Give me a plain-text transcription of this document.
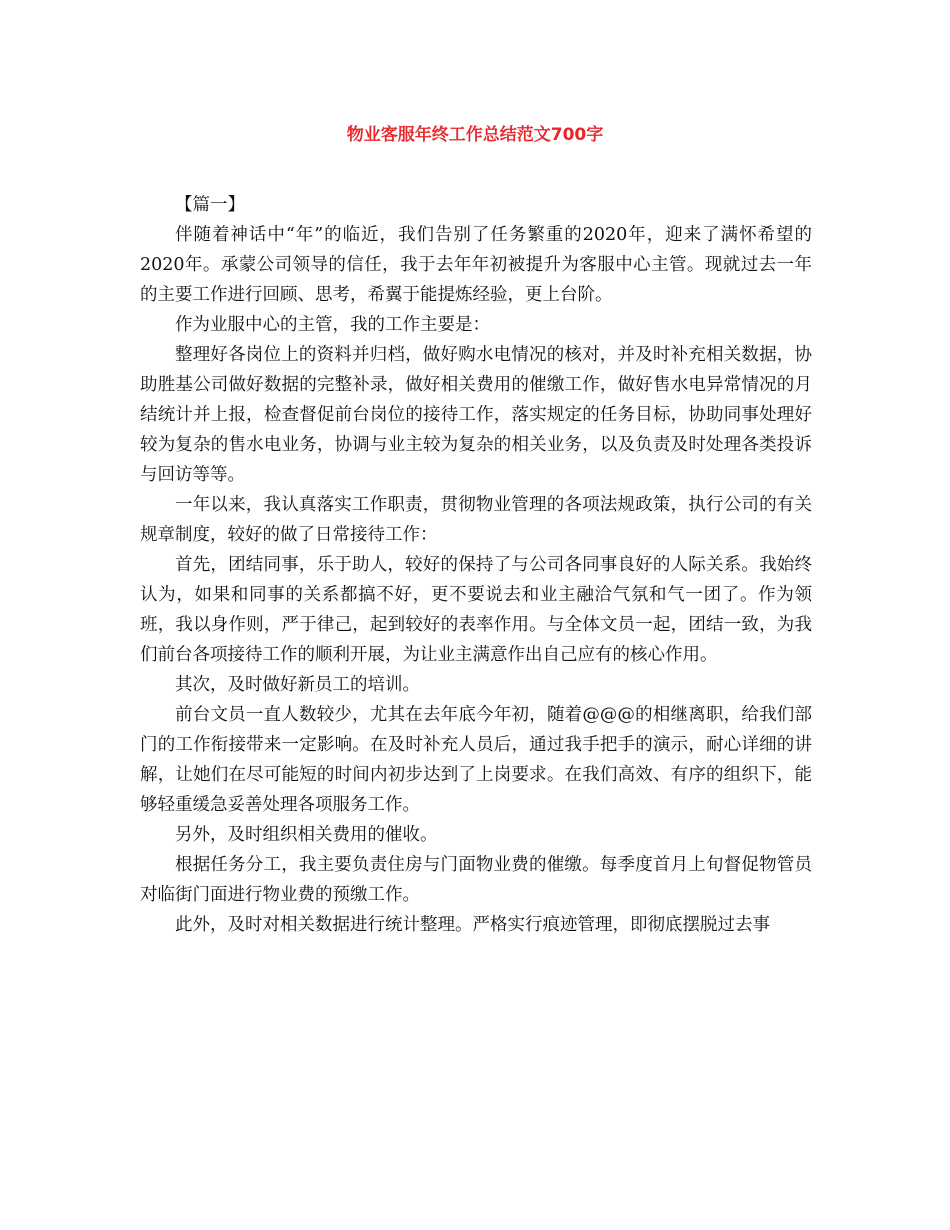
物业客服年终工作总结范文700字

【篇一】

伴随着神话中“年”的临近，我们告别了任务繁重的2020年，迎来了满怀希望的2020年。承蒙公司领导的信任，我于去年年初被提升为客服中心主管。现就过去一年的主要工作进行回顾、思考，希翼于能提炼经验，更上台阶。

作为业服中心的主管，我的工作主要是：

整理好各岗位上的资料并归档，做好购水电情况的核对，并及时补充相关数据，协助胜基公司做好数据的完整补录，做好相关费用的催缴工作，做好售水电异常情况的月结统计并上报，检查督促前台岗位的接待工作，落实规定的任务目标，协助同事处理好较为复杂的售水电业务，协调与业主较为复杂的相关业务，以及负责及时处理各类投诉与回访等等。

一年以来，我认真落实工作职责，贯彻物业管理的各项法规政策，执行公司的有关规章制度，较好的做了日常接待工作：

首先，团结同事，乐于助人，较好的保持了与公司各同事良好的人际关系。我始终认为，如果和同事的关系都搞不好，更不要说去和业主融洽气氛和气一团了。作为领班，我以身作则，严于律己，起到较好的表率作用。与全体文员一起，团结一致，为我们前台各项接待工作的顺利开展，为让业主满意作出自己应有的核心作用。

其次，及时做好新员工的培训。

前台文员一直人数较少，尤其在去年底今年初，随着@@@的相继离职，给我们部门的工作衔接带来一定影响。在及时补充人员后，通过我手把手的演示，耐心详细的讲解，让她们在尽可能短的时间内初步达到了上岗要求。在我们高效、有序的组织下，能够轻重缓急妥善处理各项服务工作。

另外，及时组织相关费用的催收。

根据任务分工，我主要负责住房与门面物业费的催缴。每季度首月上旬督促物管员对临街门面进行物业费的预缴工作。

此外，及时对相关数据进行统计整理。严格实行痕迹管理，即彻底摆脱过去事
